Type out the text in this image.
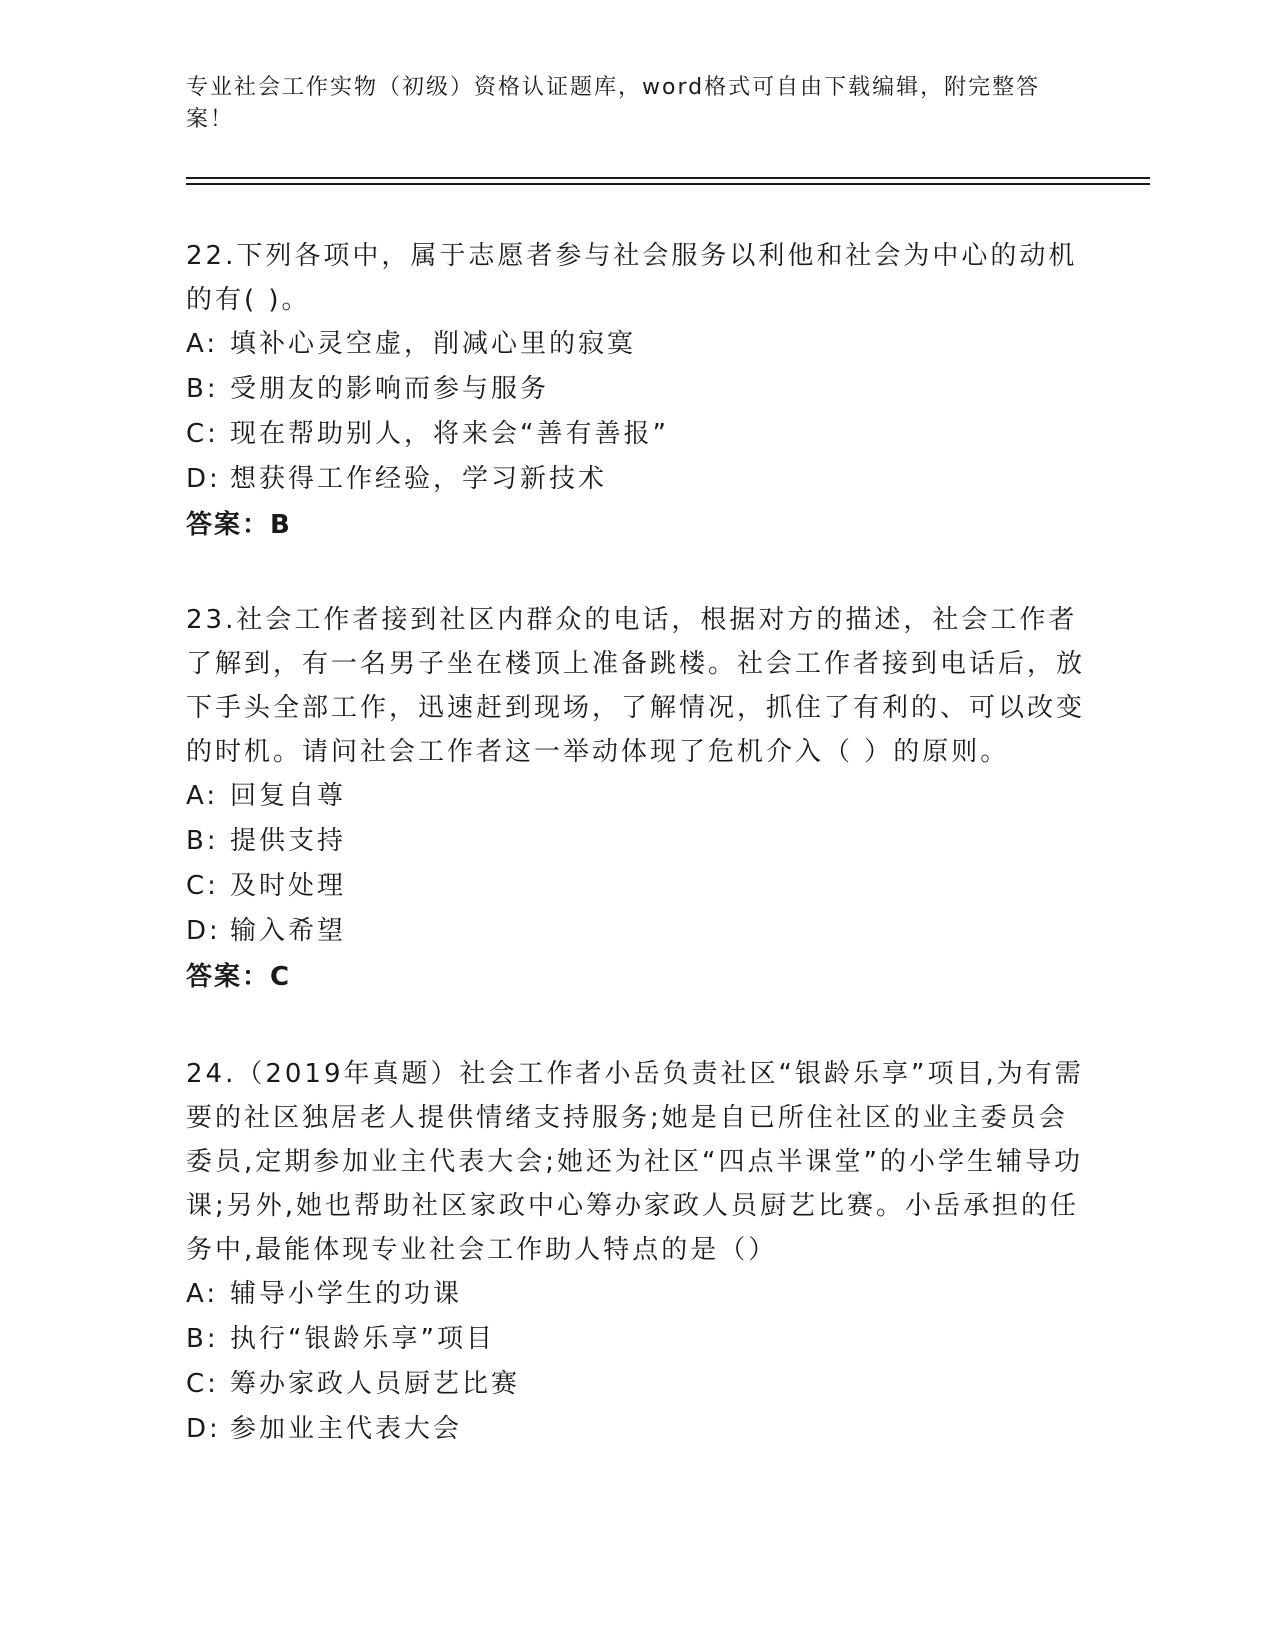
专业社会工作实物（初级）资格认证题库，word格式可自由下载编辑，附完整答案！

22.下列各项中，属于志愿者参与社会服务以利他和社会为中心的动机的有( )。

A: 填补心灵空虚，削减心里的寂寞

B: 受朋友的影响而参与服务

C: 现在帮助别人，将来会“善有善报”

D: 想获得工作经验，学习新技术

答案：B

23.社会工作者接到社区内群众的电话，根据对方的描述，社会工作者了解到，有一名男子坐在楼顶上准备跳楼。社会工作者接到电话后，放下手头全部工作，迅速赶到现场，了解情况，抓住了有利的、可以改变的时机。请问社会工作者这一举动体现了危机介入（ ）的原则。

A: 回复自尊

B: 提供支持

C: 及时处理

D: 输入希望

答案：C

24.（2019年真题）社会工作者小岳负责社区“银龄乐享”项目,为有需要的社区独居老人提供情绪支持服务;她是自已所住社区的业主委员会委员,定期参加业主代表大会;她还为社区“四点半课堂”的小学生辅导功课;另外,她也帮助社区家政中心筹办家政人员厨艺比赛。小岳承担的任务中,最能体现专业社会工作助人特点的是（）

A: 辅导小学生的功课

B: 执行“银龄乐享”项目

C: 筹办家政人员厨艺比赛

D: 参加业主代表大会
